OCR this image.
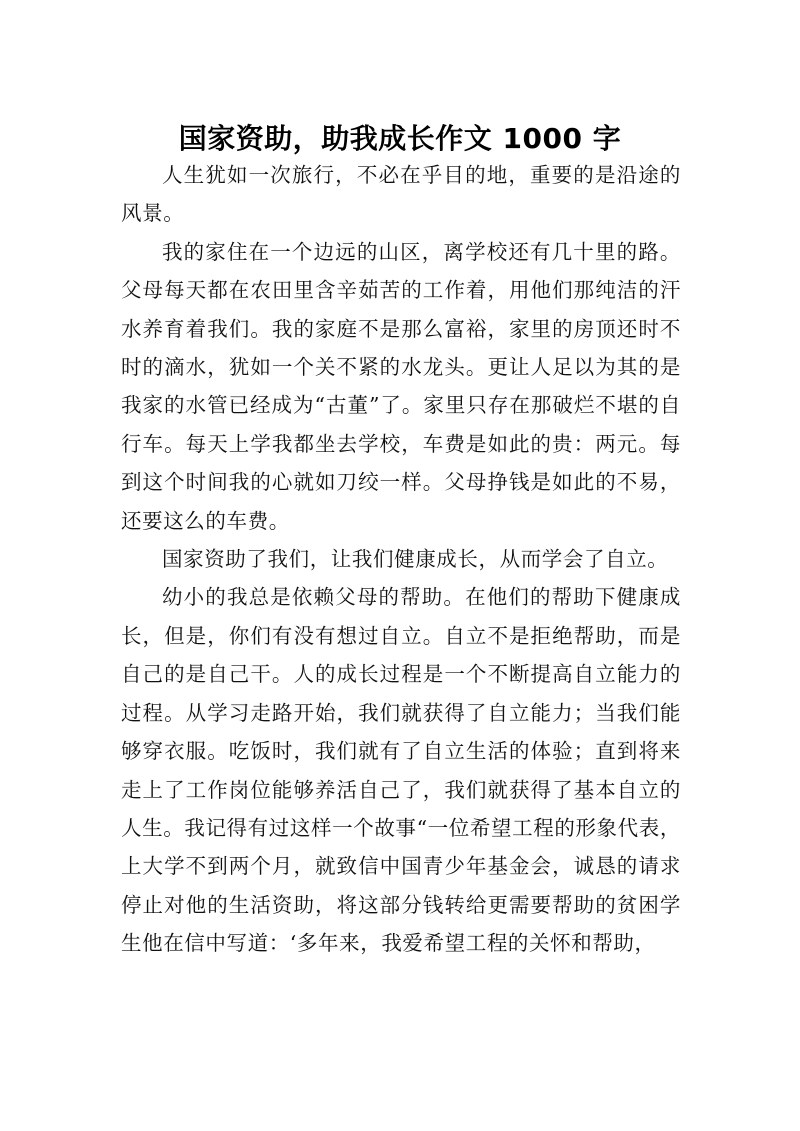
国家资助，助我成长作文 1000 字

人生犹如一次旅行，不必在乎目的地，重要的是沿途的风景。

我的家住在一个边远的山区，离学校还有几十里的路。父母每天都在农田里含辛茹苦的工作着，用他们那纯洁的汗水养育着我们。我的家庭不是那么富裕，家里的房顶还时不时的滴水，犹如一个关不紧的水龙头。更让人足以为其的是我家的水管已经成为“古董”了。家里只存在那破烂不堪的自行车。每天上学我都坐去学校，车费是如此的贵：两元。每到这个时间我的心就如刀绞一样。父母挣钱是如此的不易，还要这么的车费。

国家资助了我们，让我们健康成长，从而学会了自立。

幼小的我总是依赖父母的帮助。在他们的帮助下健康成长，但是，你们有没有想过自立。自立不是拒绝帮助，而是自己的是自己干。人的成长过程是一个不断提高自立能力的过程。从学习走路开始，我们就获得了自立能力；当我们能够穿衣服。吃饭时，我们就有了自立生活的体验；直到将来走上了工作岗位能够养活自己了，我们就获得了基本自立的人生。我记得有过这样一个故事“一位希望工程的形象代表，上大学不到两个月，就致信中国青少年基金会，诚恳的请求停止对他的生活资助，将这部分钱转给更需要帮助的贫困学生他在信中写道：‘多年来，我爱希望工程的关怀和帮助，
